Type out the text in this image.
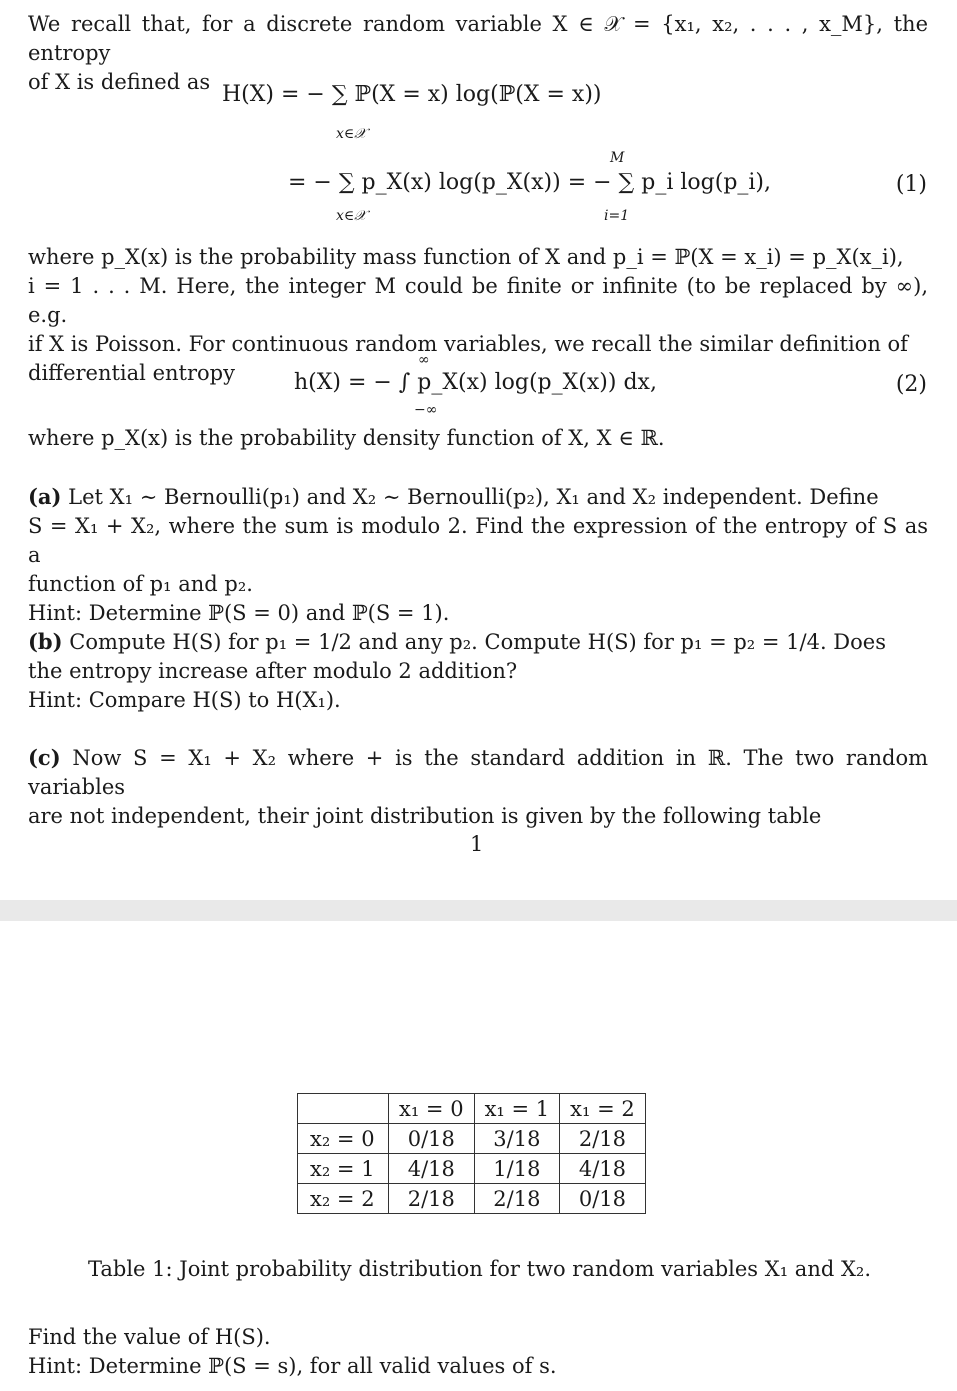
We recall that, for a discrete random variable X ∈ 𝒳 = {x₁, x₂, . . . , x_M}, the entropy

of X is defined as H(X) = − ∑ ℙ(X = x) log(ℙ(X = x))
x∈𝒳
M
= − ∑ p_X(x) log(p_X(x)) = − ∑ p_i log(p_i),
x∈𝒳	i=1
(1)

where p_X(x) is the probability mass function of X and p_i = ℙ(X = x_i) = p_X(x_i),

i = 1 . . . M. Here, the integer M could be finite or infinite (to be replaced by ∞), e.g.

if X is Poisson. For continuous random variables, we recall the similar definition of

differential entropy

∞
h(X) = − ∫ p_X(x) log(p_X(x)) dx,
−∞
(2)
where p_X(x) is the probability density function of X, X ∈ ℝ.

(a) Let X₁ ∼ Bernoulli(p₁) and X₂ ∼ Bernoulli(p₂), X₁ and X₂ independent. Define

S = X₁ + X₂, where the sum is modulo 2. Find the expression of the entropy of S as a

function of p₁ and p₂.

Hint: Determine ℙ(S = 0) and ℙ(S = 1).

(b) Compute H(S) for p₁ = 1/2 and any p₂. Compute H(S) for p₁ = p₂ = 1/4. Does

the entropy increase after modulo 2 addition?

Hint: Compare H(S) to H(X₁).

(c) Now S = X₁ + X₂ where + is the standard addition in ℝ. The two random variables

are not independent, their joint distribution is given by the following table

1
	x₁ = 0	x₁ = 1	x₁ = 2
x₂ = 0	0/18	3/18	2/18
x₂ = 1	4/18	1/18	4/18
x₂ = 2	2/18	2/18	0/18
Table 1: Joint probability distribution for two random variables X₁ and X₂.

Find the value of H(S).

Hint: Determine ℙ(S = s), for all valid values of s.
